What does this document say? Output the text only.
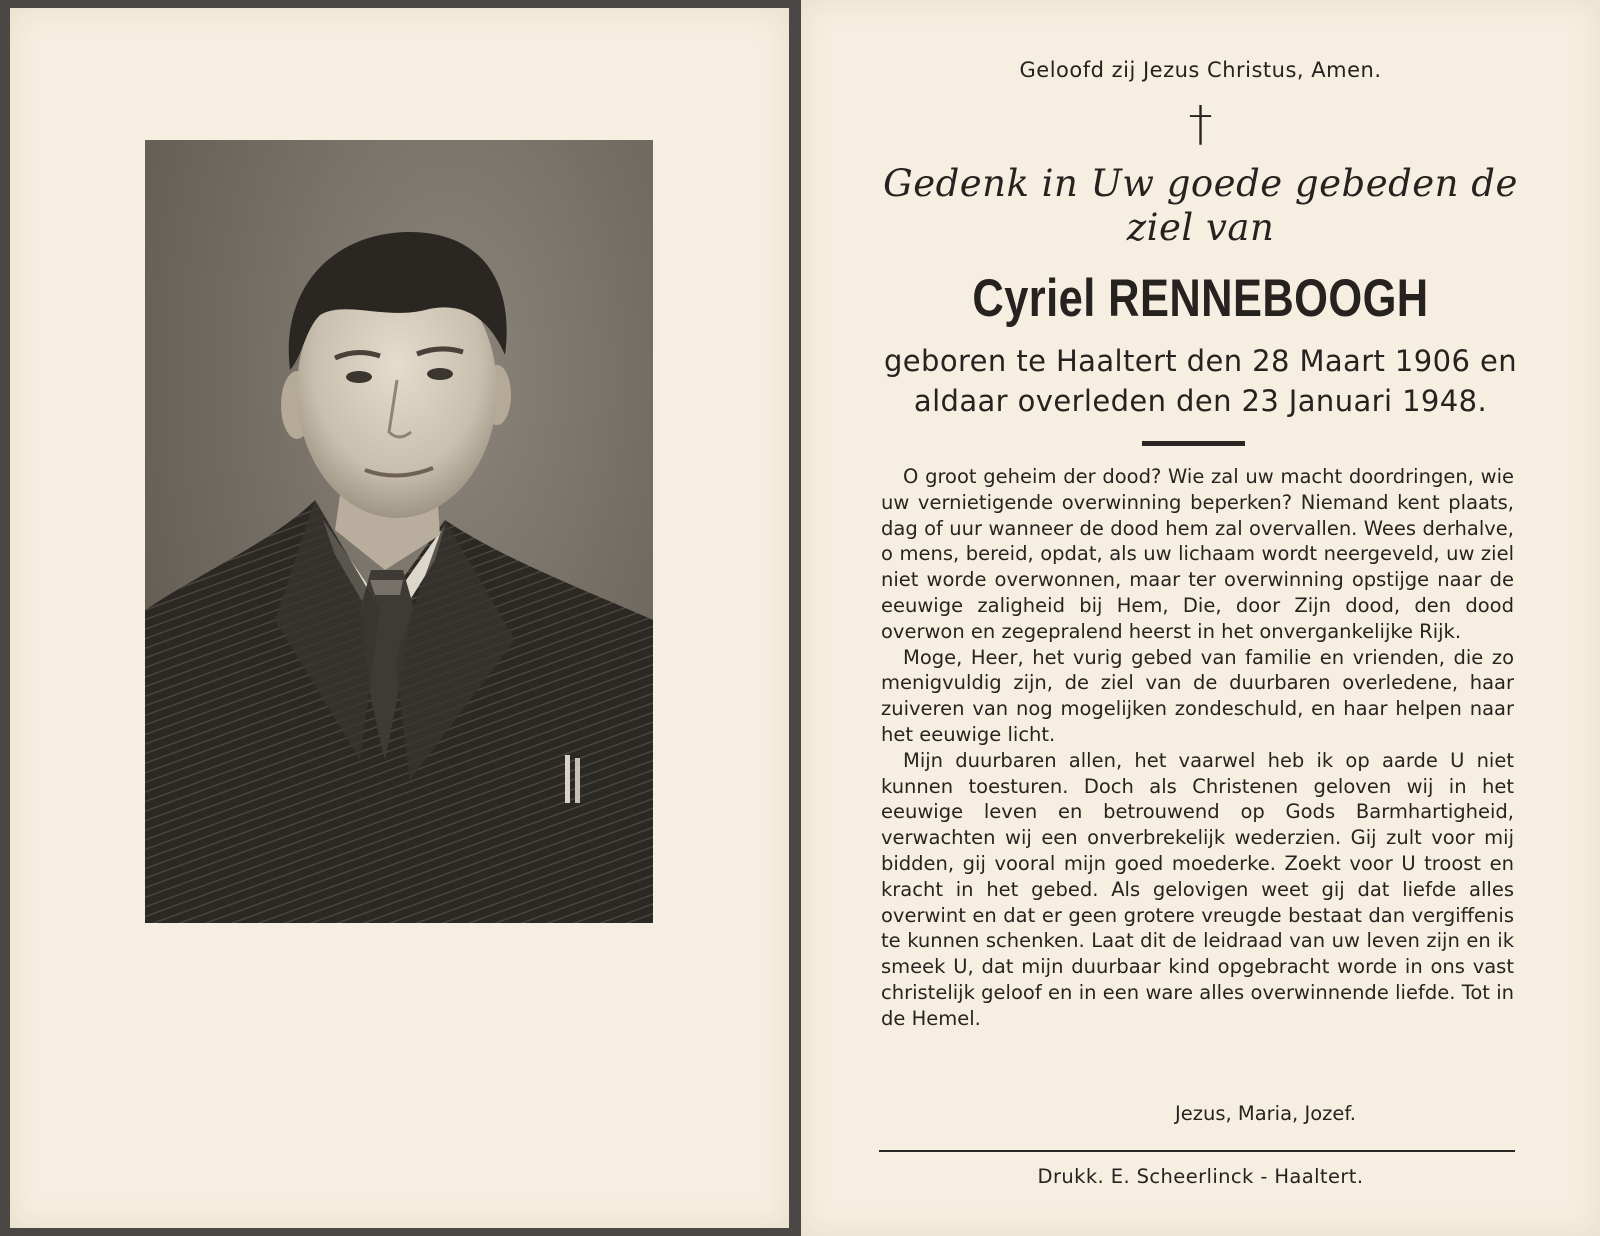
Geloofd zij Jezus Christus, Amen.
†
Gedenk in Uw goede gebeden de
ziel van
Cyriel RENNEBOOGH
geboren te Haaltert den 28 Maart 1906 en
aldaar overleden den 23 Januari 1948.

O groot geheim der dood? Wie zal uw macht doordringen, wie uw vernietigende overwinning beperken? Niemand kent plaats, dag of uur wanneer de dood hem zal overvallen. Wees derhalve, o mens, bereid, opdat, als uw lichaam wordt neergeveld, uw ziel niet worde overwonnen, maar ter overwinning opstijge naar de eeuwige zaligheid bij Hem, Die, door Zijn dood, den dood overwon en zegepralend heerst in het onvergankelijke Rijk.

Moge, Heer, het vurig gebed van familie en vrienden, die zo menigvuldig zijn, de ziel van de duurbaren overledene, haar zuiveren van nog mogelijken zondeschuld, en haar helpen naar het eeuwige licht.

Mijn duurbaren allen, het vaarwel heb ik op aarde U niet kunnen toesturen. Doch als Christenen geloven wij in het eeuwige leven en betrouwend op Gods Barmhartigheid, verwachten wij een onverbrekelijk wederzien. Gij zult voor mij bidden, gij vooral mijn goed moederke. Zoekt voor U troost en kracht in het gebed. Als gelovigen weet gij dat liefde alles overwint en dat er geen grotere vreugde bestaat dan vergiffenis te kunnen schenken. Laat dit de leidraad van uw leven zijn en ik smeek U, dat mijn duurbaar kind opgebracht worde in ons vast christelijk geloof en in een ware alles overwinnende liefde. Tot in de Hemel.

Jezus, Maria, Jozef.
Drukk. E. Scheerlinck - Haaltert.
